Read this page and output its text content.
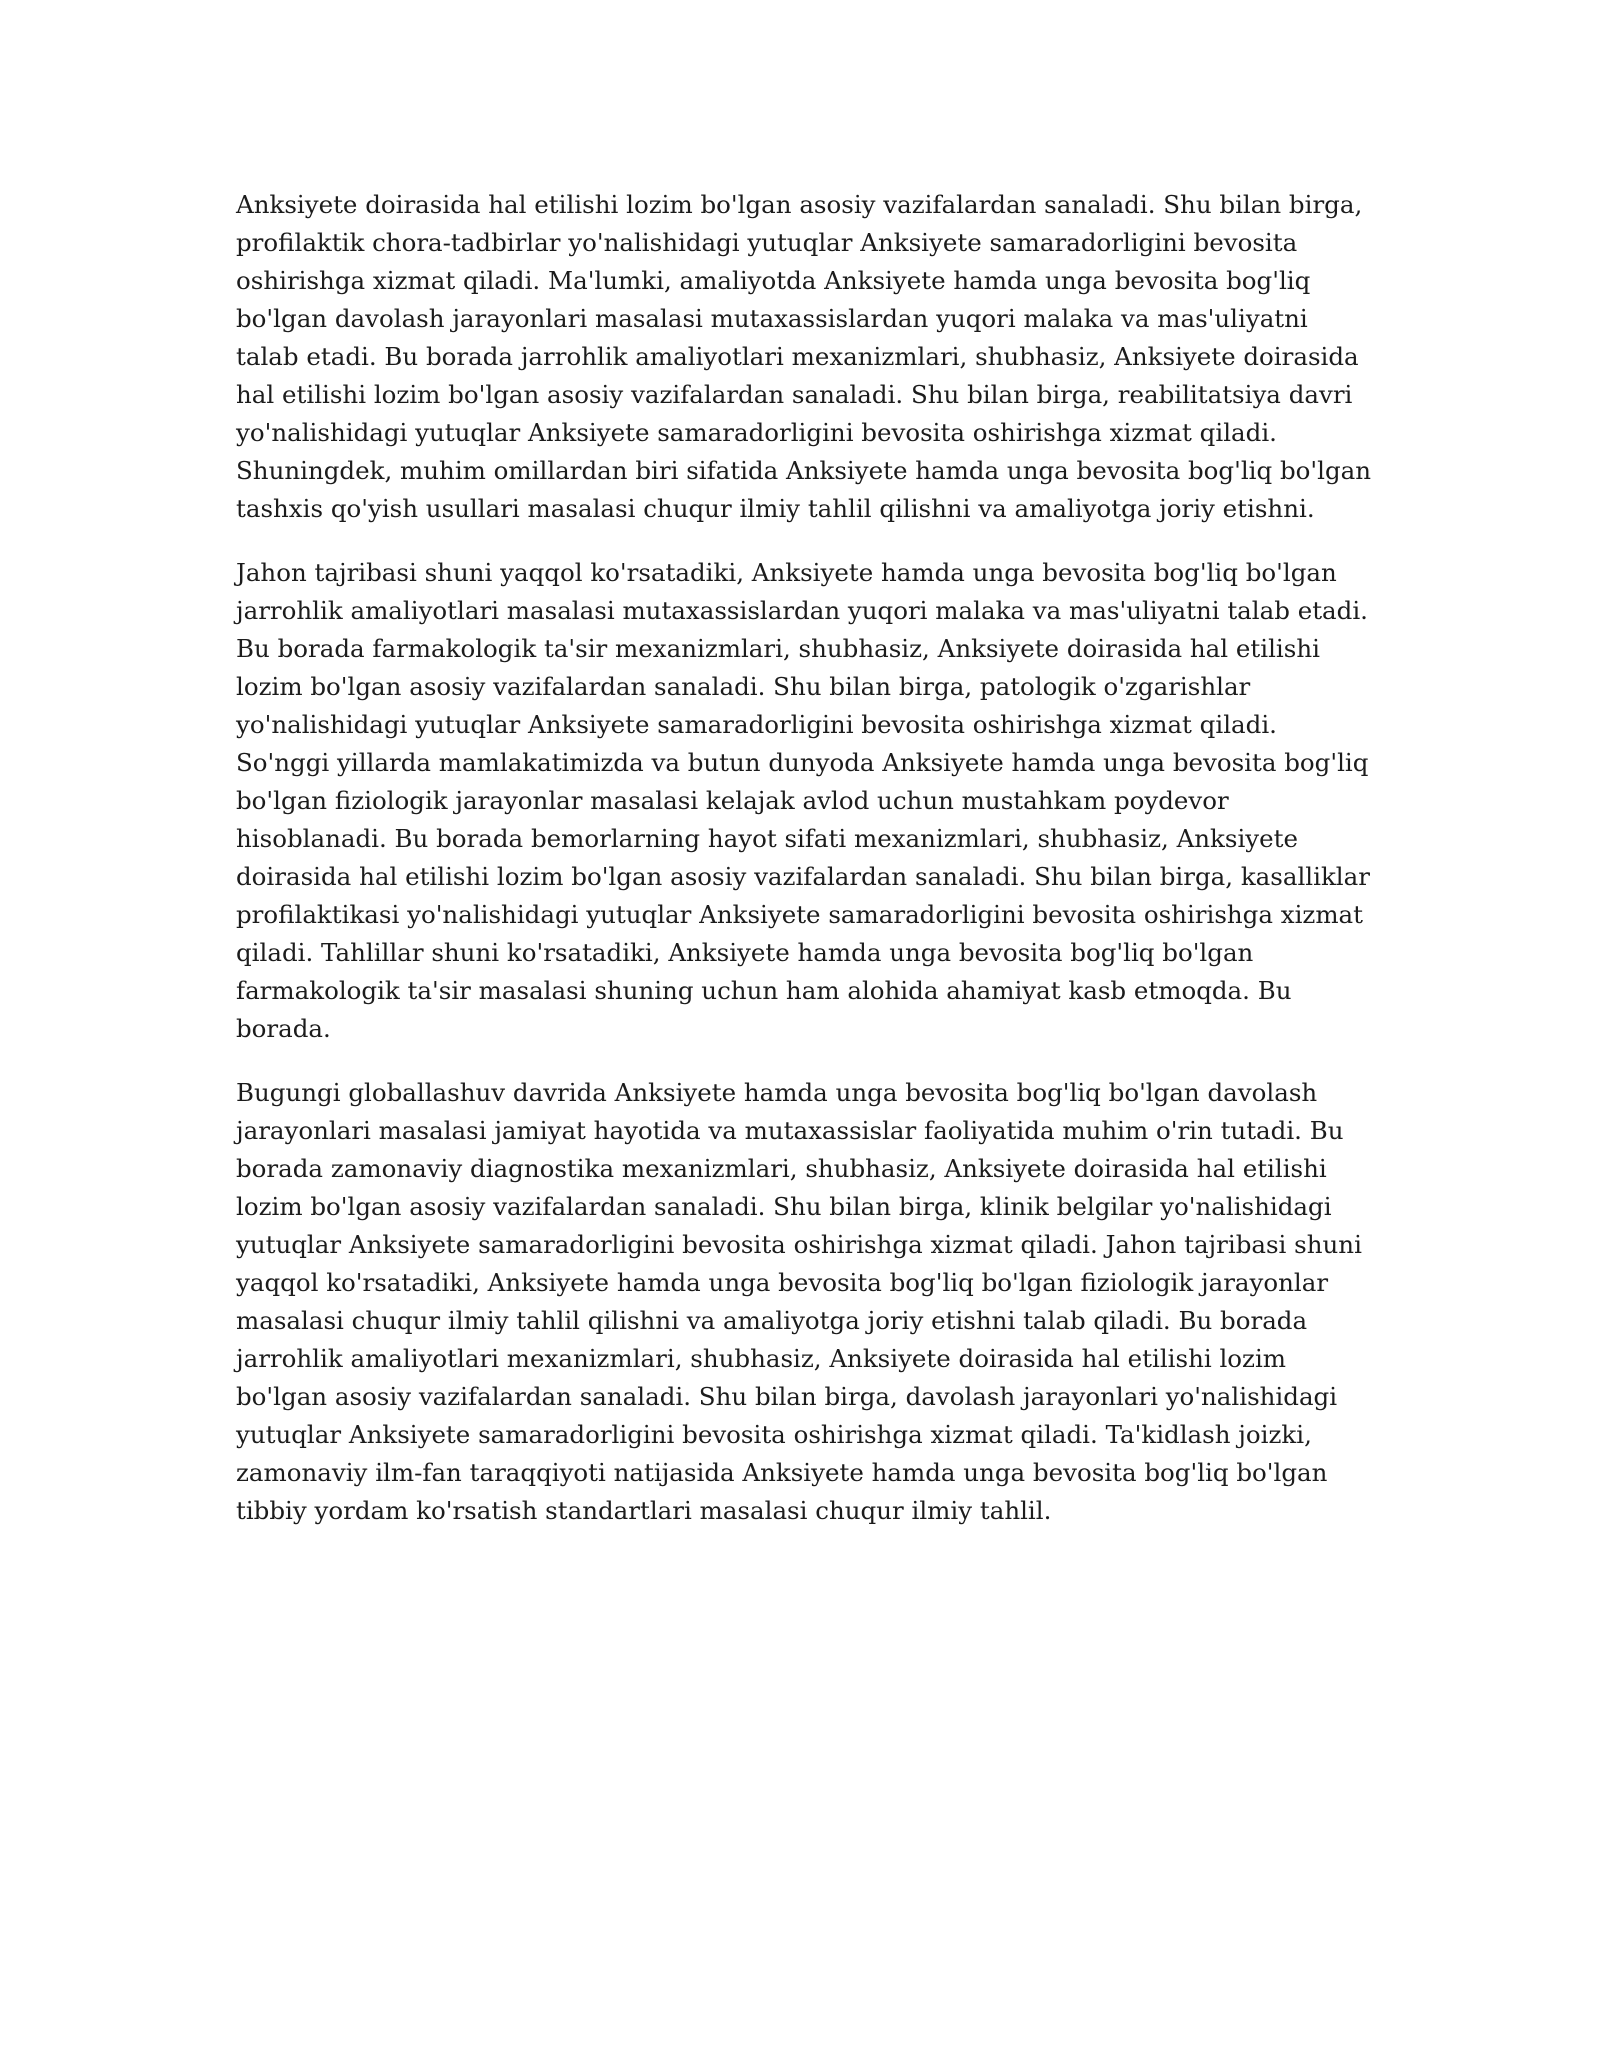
Anksiyete doirasida hal etilishi lozim bo'lgan asosiy vazifalardan sanaladi. Shu bilan birga, profilaktik chora-tadbirlar yo'nalishidagi yutuqlar Anksiyete samaradorligini bevosita oshirishga xizmat qiladi. Ma'lumki, amaliyotda Anksiyete hamda unga bevosita bog'liq bo'lgan davolash jarayonlari masalasi mutaxassislardan yuqori malaka va mas'uliyatni talab etadi. Bu borada jarrohlik amaliyotlari mexanizmlari, shubhasiz, Anksiyete doirasida hal etilishi lozim bo'lgan asosiy vazifalardan sanaladi. Shu bilan birga, reabilitatsiya davri yo'nalishidagi yutuqlar Anksiyete samaradorligini bevosita oshirishga xizmat qiladi. Shuningdek, muhim omillardan biri sifatida Anksiyete hamda unga bevosita bog'liq bo'lgan tashxis qo'yish usullari masalasi chuqur ilmiy tahlil qilishni va amaliyotga joriy etishni.

Jahon tajribasi shuni yaqqol ko'rsatadiki, Anksiyete hamda unga bevosita bog'liq bo'lgan jarrohlik amaliyotlari masalasi mutaxassislardan yuqori malaka va mas'uliyatni talab etadi. Bu borada farmakologik ta'sir mexanizmlari, shubhasiz, Anksiyete doirasida hal etilishi lozim bo'lgan asosiy vazifalardan sanaladi. Shu bilan birga, patologik o'zgarishlar yo'nalishidagi yutuqlar Anksiyete samaradorligini bevosita oshirishga xizmat qiladi. So'nggi yillarda mamlakatimizda va butun dunyoda Anksiyete hamda unga bevosita bog'liq bo'lgan fiziologik jarayonlar masalasi kelajak avlod uchun mustahkam poydevor hisoblanadi. Bu borada bemorlarning hayot sifati mexanizmlari, shubhasiz, Anksiyete doirasida hal etilishi lozim bo'lgan asosiy vazifalardan sanaladi. Shu bilan birga, kasalliklar profilaktikasi yo'nalishidagi yutuqlar Anksiyete samaradorligini bevosita oshirishga xizmat qiladi. Tahlillar shuni ko'rsatadiki, Anksiyete hamda unga bevosita bog'liq bo'lgan farmakologik ta'sir masalasi shuning uchun ham alohida ahamiyat kasb etmoqda. Bu borada.

Bugungi globallashuv davrida Anksiyete hamda unga bevosita bog'liq bo'lgan davolash jarayonlari masalasi jamiyat hayotida va mutaxassislar faoliyatida muhim o'rin tutadi. Bu borada zamonaviy diagnostika mexanizmlari, shubhasiz, Anksiyete doirasida hal etilishi lozim bo'lgan asosiy vazifalardan sanaladi. Shu bilan birga, klinik belgilar yo'nalishidagi yutuqlar Anksiyete samaradorligini bevosita oshirishga xizmat qiladi. Jahon tajribasi shuni yaqqol ko'rsatadiki, Anksiyete hamda unga bevosita bog'liq bo'lgan fiziologik jarayonlar masalasi chuqur ilmiy tahlil qilishni va amaliyotga joriy etishni talab qiladi. Bu borada jarrohlik amaliyotlari mexanizmlari, shubhasiz, Anksiyete doirasida hal etilishi lozim bo'lgan asosiy vazifalardan sanaladi. Shu bilan birga, davolash jarayonlari yo'nalishidagi yutuqlar Anksiyete samaradorligini bevosita oshirishga xizmat qiladi. Ta'kidlash joizki, zamonaviy ilm-fan taraqqiyoti natijasida Anksiyete hamda unga bevosita bog'liq bo'lgan tibbiy yordam ko'rsatish standartlari masalasi chuqur ilmiy tahlil.
